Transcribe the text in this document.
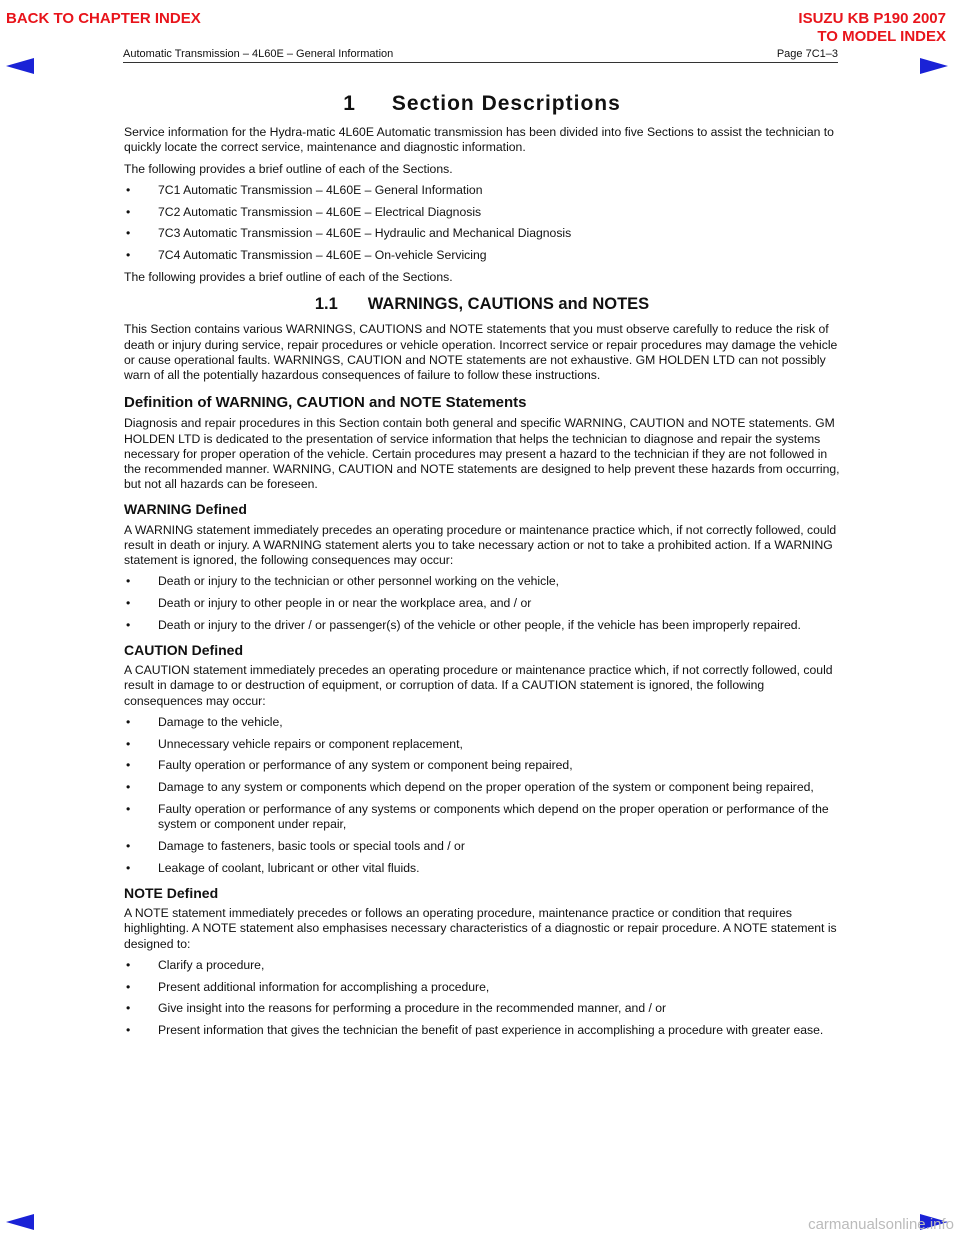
BACK TO CHAPTER INDEX	ISUZU KB P190 2007
TO MODEL INDEX
Automatic Transmission – 4L60E – General Information	Page 7C1–3
1 Section Descriptions

Service information for the Hydra-matic 4L60E Automatic transmission has been divided into five Sections to assist the technician to quickly locate the correct service, maintenance and diagnostic information.

The following provides a brief outline of each of the Sections.

• 7C1 Automatic Transmission – 4L60E – General Information
• 7C2 Automatic Transmission – 4L60E – Electrical Diagnosis
• 7C3 Automatic Transmission – 4L60E – Hydraulic and Mechanical Diagnosis
• 7C4 Automatic Transmission – 4L60E – On-vehicle Servicing

The following provides a brief outline of each of the Sections.

1.1 WARNINGS, CAUTIONS and NOTES

This Section contains various WARNINGS, CAUTIONS and NOTE statements that you must observe carefully to reduce the risk of death or injury during service, repair procedures or vehicle operation. Incorrect service or repair procedures may damage the vehicle or cause operational faults. WARNINGS, CAUTION and NOTE statements are not exhaustive. GM HOLDEN LTD can not possibly warn of all the potentially hazardous consequences of failure to follow these instructions.

Definition of WARNING, CAUTION and NOTE Statements

Diagnosis and repair procedures in this Section contain both general and specific WARNING, CAUTION and NOTE statements. GM HOLDEN LTD is dedicated to the presentation of service information that helps the technician to diagnose and repair the systems necessary for proper operation of the vehicle. Certain procedures may present a hazard to the technician if they are not followed in the recommended manner. WARNING, CAUTION and NOTE statements are designed to help prevent these hazards from occurring, but not all hazards can be foreseen.

WARNING Defined

A WARNING statement immediately precedes an operating procedure or maintenance practice which, if not correctly followed, could result in death or injury. A WARNING statement alerts you to take necessary action or not to take a prohibited action. If a WARNING statement is ignored, the following consequences may occur:

• Death or injury to the technician or other personnel working on the vehicle,
• Death or injury to other people in or near the workplace area, and / or
• Death or injury to the driver / or passenger(s) of the vehicle or other people, if the vehicle has been improperly repaired.
CAUTION Defined

A CAUTION statement immediately precedes an operating procedure or maintenance practice which, if not correctly followed, could result in damage to or destruction of equipment, or corruption of data. If a CAUTION statement is ignored, the following consequences may occur:

• Damage to the vehicle,
• Unnecessary vehicle repairs or component replacement,
• Faulty operation or performance of any system or component being repaired,
• Damage to any system or components which depend on the proper operation of the system or component being repaired,
• Faulty operation or performance of any systems or components which depend on the proper operation or performance of the system or component under repair,
• Damage to fasteners, basic tools or special tools and / or
• Leakage of coolant, lubricant or other vital fluids.
NOTE Defined

A NOTE statement immediately precedes or follows an operating procedure, maintenance practice or condition that requires highlighting. A NOTE statement also emphasises necessary characteristics of a diagnostic or repair procedure. A NOTE statement is designed to:

• Clarify a procedure,
• Present additional information for accomplishing a procedure,
• Give insight into the reasons for performing a procedure in the recommended manner, and / or
• Present information that gives the technician the benefit of past experience in accomplishing a procedure with greater ease.
carmanualsonline.info
